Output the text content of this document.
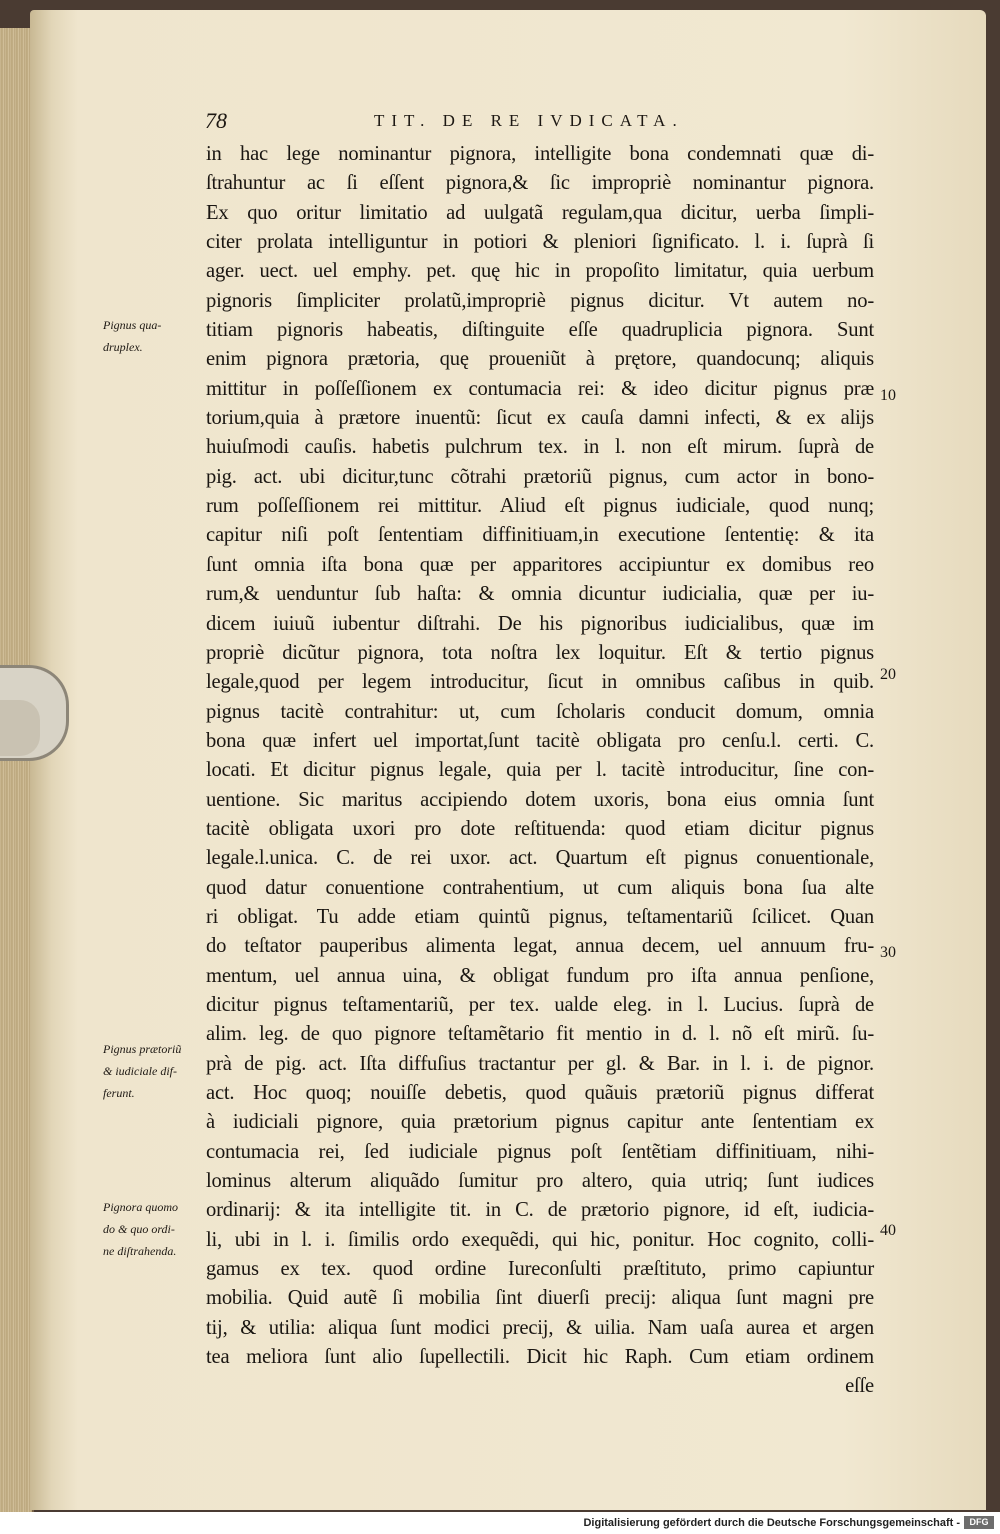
78	TIT. DE RE IVDICATA.
in hac lege nominantur pignora, intelligite bona condemnati quæ di-
ſtrahuntur ac ſi eſſent pignora,& ſic impropriè nominantur pignora.
Ex quo oritur limitatio ad uulgatã regulam,qua dicitur, uerba ſimpli-
citer prolata intelliguntur in potiori & pleniori ſignificato. l. i. ſuprà ſi
ager. uect. uel emphy. pet. quę hic in propoſito limitatur, quia uerbum
pignoris ſimpliciter prolatũ,impropriè pignus dicitur. Vt autem no-
titiam pignoris habeatis, diſtinguite eſſe quadruplicia pignora. Sunt
enim pignora prætoria, quę proueniũt à prętore, quandocunq; aliquis
mittitur in poſſeſſionem ex contumacia rei: & ideo dicitur pignus præ
torium,quia à prætore inuentũ: ſicut ex cauſa damni infecti, & ex alijs
huiuſmodi cauſis. habetis pulchrum tex. in l. non eſt mirum. ſuprà de
pig. act. ubi dicitur,tunc cõtrahi prætoriũ pignus, cum actor in bono-
rum poſſeſſionem rei mittitur. Aliud eſt pignus iudiciale, quod nunq;
capitur niſi poſt ſententiam diffinitiuam,in executione ſententię: & ita
ſunt omnia iſta bona quæ per apparitores accipiuntur ex domibus reo
rum,& uenduntur ſub haſta: & omnia dicuntur iudicialia, quæ per iu-
dicem iuiuũ iubentur diſtrahi. De his pignoribus iudicialibus, quæ im
propriè dicũtur pignora, tota noſtra lex loquitur. Eſt & tertio pignus
legale,quod per legem introducitur, ſicut in omnibus caſibus in quib.
pignus tacitè contrahitur: ut, cum ſcholaris conducit domum, omnia
bona quæ infert uel importat,ſunt tacitè obligata pro cenſu.l. certi. C.
locati. Et dicitur pignus legale, quia per l. tacitè introducitur, ſine con-
uentione. Sic maritus accipiendo dotem uxoris, bona eius omnia ſunt
tacitè obligata uxori pro dote reſtituenda: quod etiam dicitur pignus
legale.l.unica. C. de rei uxor. act. Quartum eſt pignus conuentionale,
quod datur conuentione contrahentium, ut cum aliquis bona ſua alte
ri obligat. Tu adde etiam quintũ pignus, teſtamentariũ ſcilicet. Quan
do teſtator pauperibus alimenta legat, annua decem, uel annuum fru-
mentum, uel annua uina, & obligat fundum pro iſta annua penſione,
dicitur pignus teſtamentariũ, per tex. ualde eleg. in l. Lucius. ſuprà de
alim. leg. de quo pignore teſtamẽtario fit mentio in d. l. nõ eſt mirũ. ſu-
prà de pig. act. Iſta diffuſius tractantur per gl. & Bar. in l. i. de pignor.
act. Hoc quoq; nouiſſe debetis, quod quãuis prætoriũ pignus differat
à iudiciali pignore, quia prætorium pignus capitur ante ſententiam ex
contumacia rei, ſed iudiciale pignus poſt ſentẽtiam diffinitiuam, nihi-
lominus alterum aliquãdo ſumitur pro altero, quia utriq; ſunt iudices
ordinarij: & ita intelligite tit. in C. de prætorio pignore, id eſt, iudicia-
li, ubi in l. i. ſimilis ordo exequẽdi, qui hic, ponitur. Hoc cognito, colli-
gamus ex tex. quod ordine Iureconſulti præſtituto, primo capiuntur
mobilia. Quid autẽ ſi mobilia ſint diuerſi precij: aliqua ſunt magni pre
tij, & utilia: aliqua ſunt modici precij, & uilia. Nam uaſa aurea et argen
tea meliora ſunt alio ſupellectili. Dicit hic Raph. Cum etiam ordinem
eſſe
10
20
30
40
Pignus qua-
druplex.
Pignus prætoriũ
& iudiciale dif-
ferunt.
Pignora quomo
do & quo ordi-
ne diſtrahenda.
Digitalisierung gefördert durch die Deutsche Forschungsgemeinschaft -	DFG
